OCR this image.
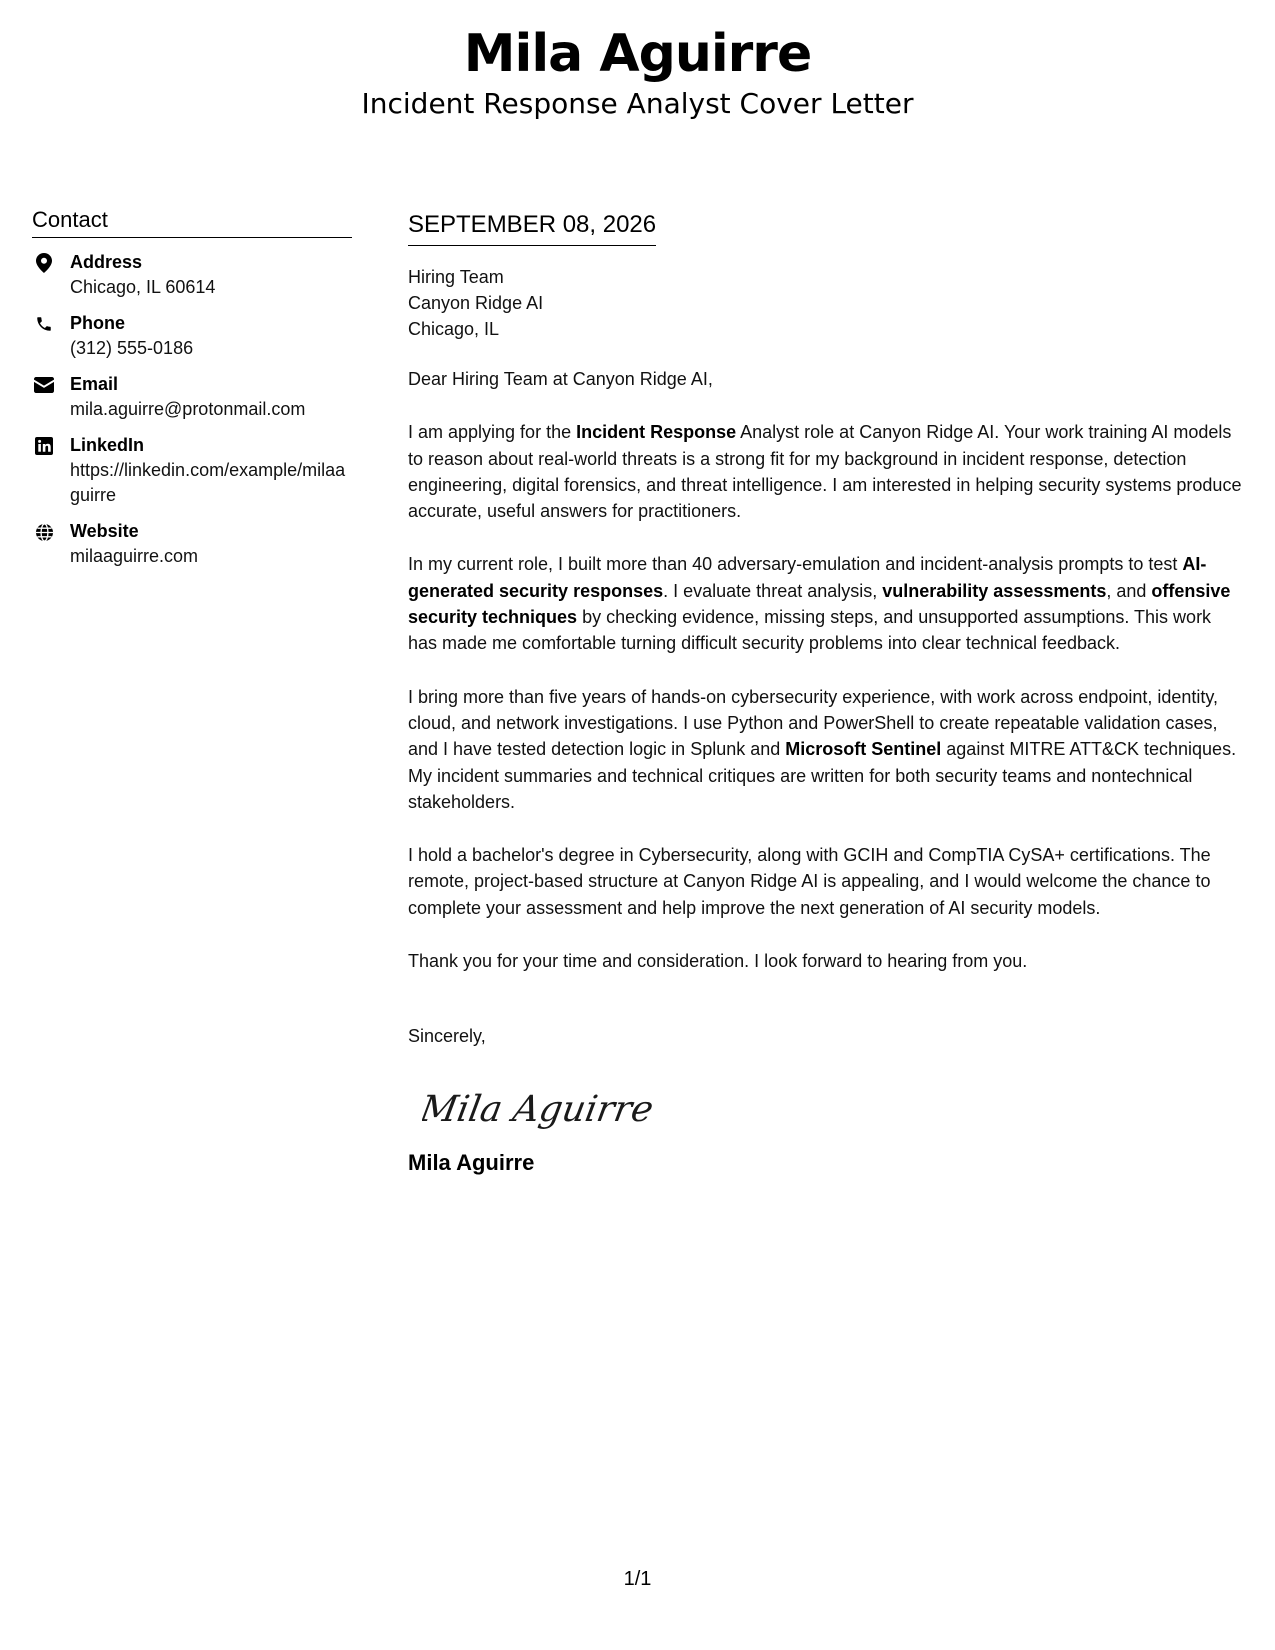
Mila Aguirre
Incident Response Analyst Cover Letter
Contact
Address
Chicago, IL 60614
Phone
(312) 555-0186
Email
mila.aguirre@protonmail.com
LinkedIn
https://linkedin.com/example/milaaguirre
Website
milaaguirre.com
SEPTEMBER 08, 2026
Hiring Team
Canyon Ridge AI
Chicago, IL

Dear Hiring Team at Canyon Ridge AI,

I am applying for the Incident Response Analyst role at Canyon Ridge AI. Your work training AI models to reason about real-world threats is a strong fit for my background in incident response, detection engineering, digital forensics, and threat intelligence. I am interested in helping security systems produce accurate, useful answers for practitioners.

In my current role, I built more than 40 adversary-emulation and incident-analysis prompts to test AI-generated security responses. I evaluate threat analysis, vulnerability assessments, and offensive security techniques by checking evidence, missing steps, and unsupported assumptions. This work has made me comfortable turning difficult security problems into clear technical feedback.

I bring more than five years of hands-on cybersecurity experience, with work across endpoint, identity, cloud, and network investigations. I use Python and PowerShell to create repeatable validation cases, and I have tested detection logic in Splunk and Microsoft Sentinel against MITRE ATT&CK techniques. My incident summaries and technical critiques are written for both security teams and nontechnical stakeholders.

I hold a bachelor's degree in Cybersecurity, along with GCIH and CompTIA CySA+ certifications. The remote, project-based structure at Canyon Ridge AI is appealing, and I would welcome the chance to complete your assessment and help improve the next generation of AI security models.

Thank you for your time and consideration. I look forward to hearing from you.

Sincerely,
Mila Aguirre
Mila Aguirre
1/1
